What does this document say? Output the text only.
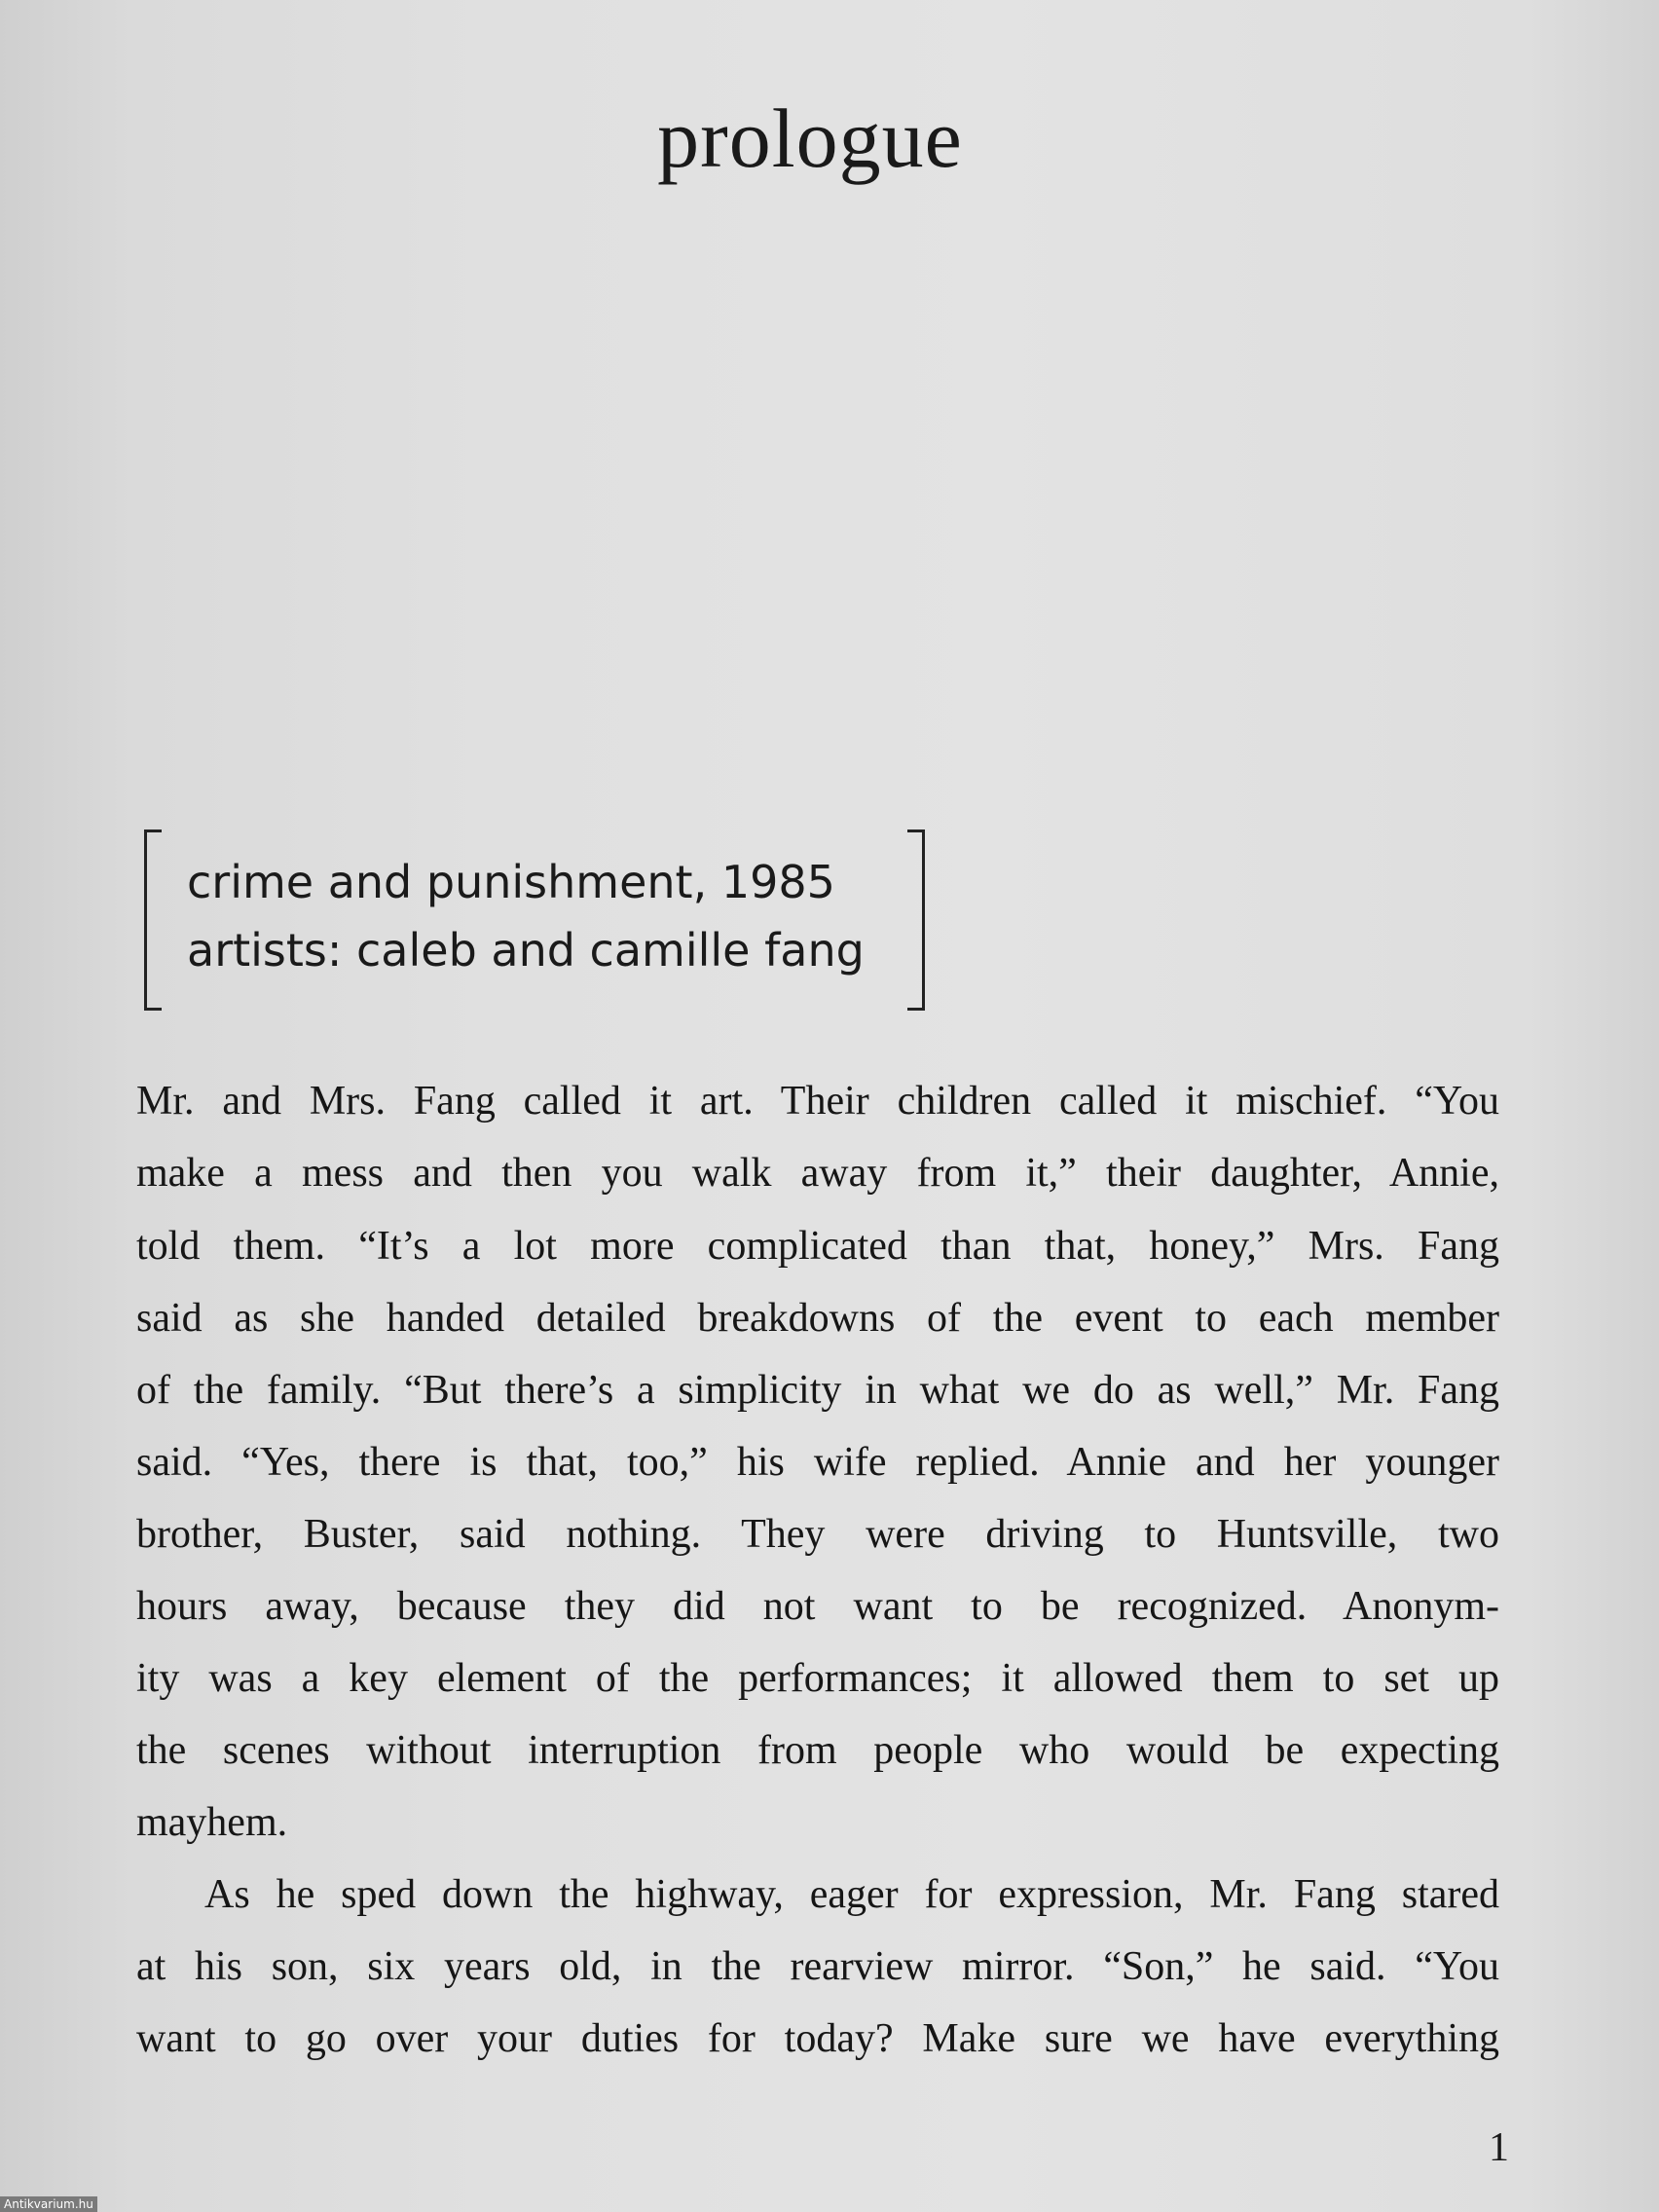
prologue
crime and punishment, 1985
artists: caleb and camille fang
Mr. and Mrs. Fang called it art. Their children called it mischief. “You
make a mess and then you walk away from it,” their daughter, Annie,
told them. “It’s a lot more complicated than that, honey,” Mrs. Fang
said as she handed detailed breakdowns of the event to each member
of the family. “But there’s a simplicity in what we do as well,” Mr. Fang
said. “Yes, there is that, too,” his wife replied. Annie and her younger
brother, Buster, said nothing. They were driving to Huntsville, two
hours away, because they did not want to be recognized. Anonym-
ity was a key element of the performances; it allowed them to set up
the scenes without interruption from people who would be expecting
mayhem.
As he sped down the highway, eager for expression, Mr. Fang stared
at his son, six years old, in the rearview mirror. “Son,” he said. “You
want to go over your duties for today? Make sure we have everything
1
Antikvarium.hu
